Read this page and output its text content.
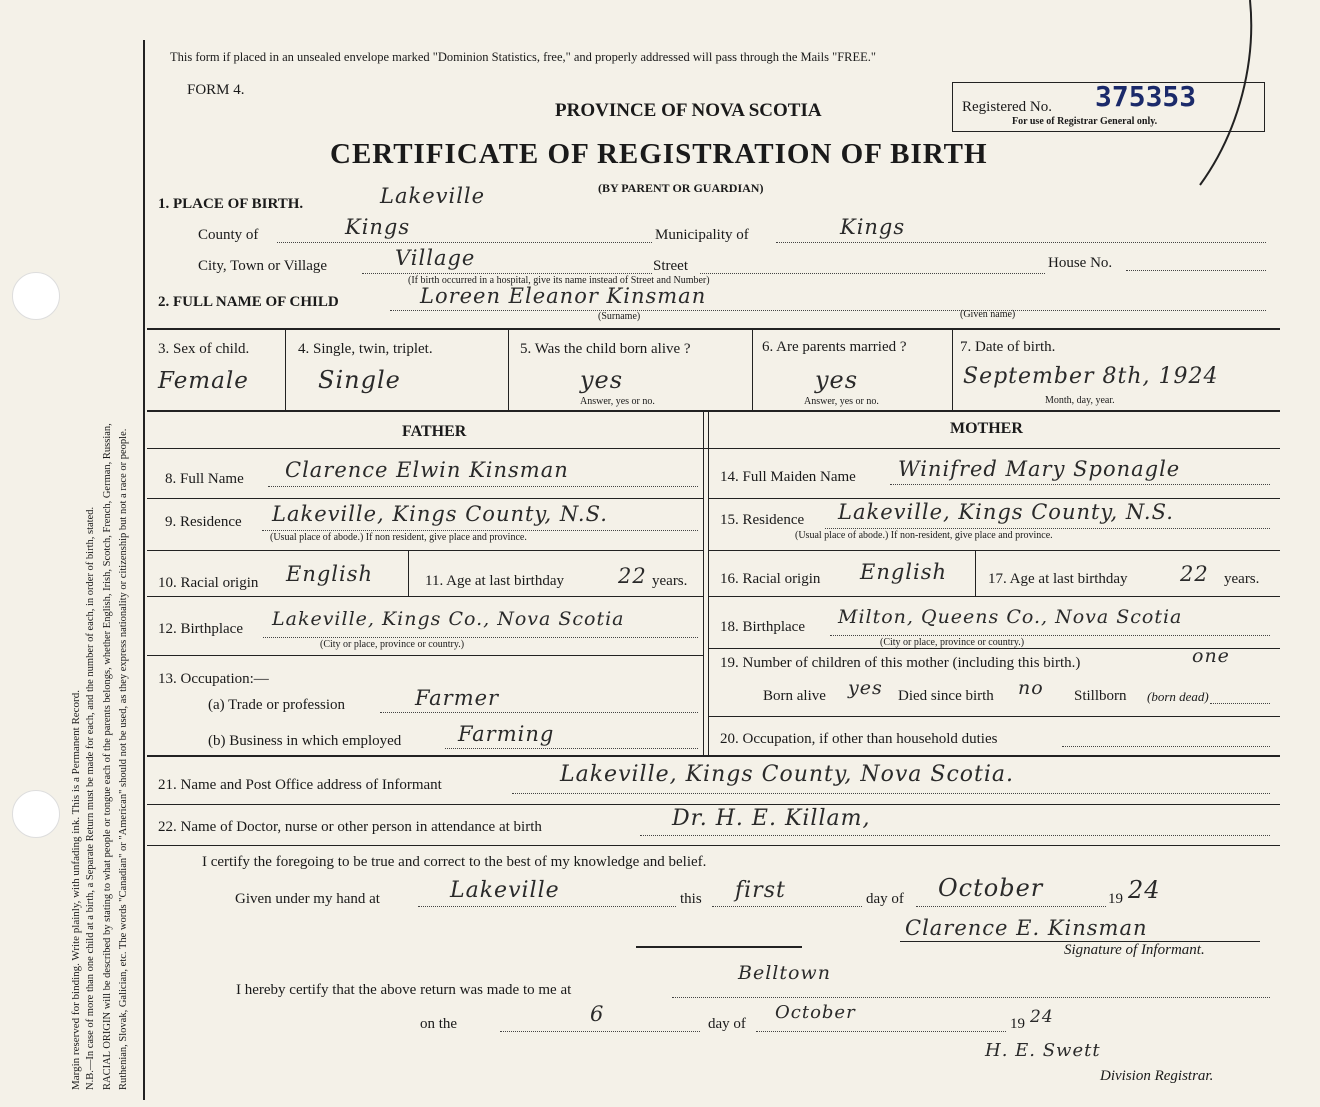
Margin reserved for binding. Write plainly, with unfading ink. This is a Permanent Record. N.B.—In case of more than one child at a birth, a Separate Return must be made for each, and the number of each, in order of birth, stated. RACIAL ORIGIN will be described by stating to what people or tongue each of the parents belongs, whether English, Irish, Scotch, French, German, Russian, Ruthenian, Slovak, Galician, etc. The words "Canadian" or "American" should not be used, as they express nationality or citizenship but not a race or people.
This form if placed in an unsealed envelope marked "Dominion Statistics, free," and properly addressed will pass through the Mails "FREE."
FORM 4.
PROVINCE OF NOVA SCOTIA
CERTIFICATE OF REGISTRATION OF BIRTH
(BY PARENT OR GUARDIAN)
Registered No. 375353
For use of Registrar General only.
1. PLACE OF BIRTH.	Lakeville
County of	Kings	Municipality of	Kings
City, Town or Village	Village	Street	House No.
(If birth occurred in a hospital, give its name instead of Street and Number)
2. FULL NAME OF CHILD	Loreen Eleanor Kinsman
(Surname)	(Given name)
3. Sex of child.
Female
4. Single, twin, triplet.
Single
5. Was the child born alive ?
yes
Answer, yes or no.
6. Are parents married ?
yes
Answer, yes or no.
7. Date of birth.
September 8th, 1924
Month, day, year.
FATHER	MOTHER
8. Full Name Clarence Elwin Kinsman
9. Residence Lakeville, Kings County, N.S.
(Usual place of abode.) If non resident, give place and province.
10. Racial origin English	11. Age at last birthday	22 years.
12. Birthplace Lakeville, Kings Co., Nova Scotia
(City or place, province or country.)
13. Occupation:—
(a) Trade or profession	Farmer
(b) Business in which employed	Farming
14. Full Maiden Name Winifred Mary Sponagle
15. Residence Lakeville, Kings County, N.S.
(Usual place of abode.) If non-resident, give place and province.
16. Racial origin English	17. Age at last birthday 22 years.
18. Birthplace Milton, Queens Co., Nova Scotia
(City or place, province or country.)
19. Number of children of this mother (including this birth.)	one
Born alive yes Died since birth no Stillborn (born dead)
20. Occupation, if other than household duties
21. Name and Post Office address of Informant	Lakeville, Kings County, Nova Scotia.
22. Name of Doctor, nurse or other person in attendance at birth	Dr. H. E. Killam,
I certify the foregoing to be true and correct to the best of my knowledge and belief.
Given under my hand at	Lakeville	this first	day of October	19 24
Clarence E. Kinsman
Signature of Informant.
Belltown
I hereby certify that the above return was made to me at
on the	6	day of
October
19 24
H. E. Swett
Division Registrar.
